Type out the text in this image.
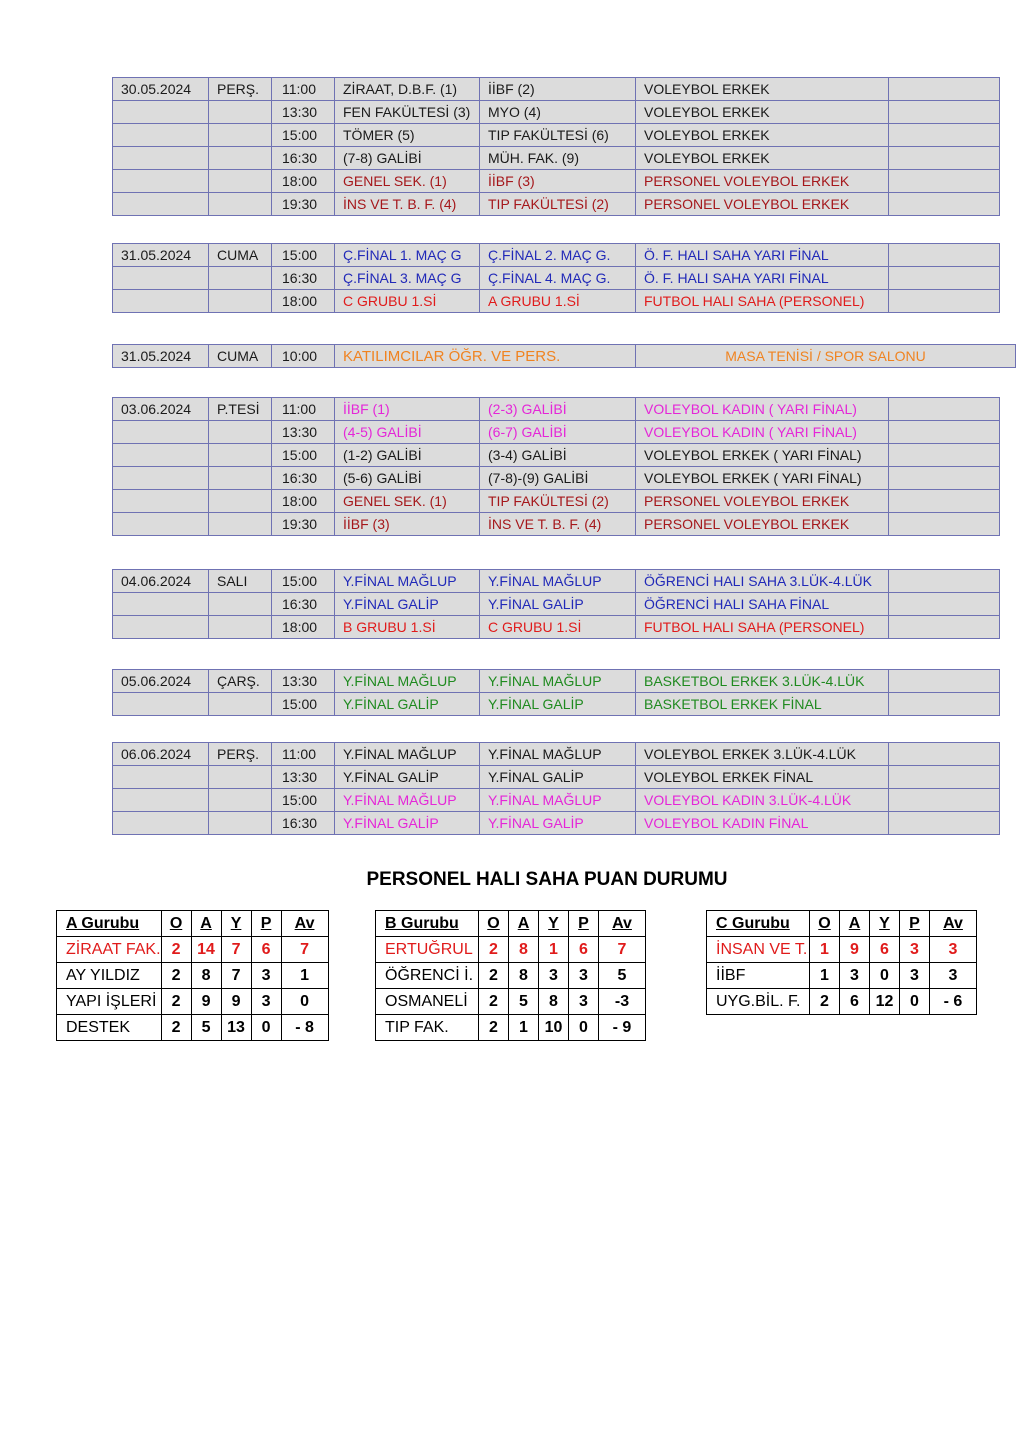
30.05.2024	PERŞ.	11:00	ZİRAAT, D.B.F. (1)	İİBF (2)	VOLEYBOL ERKEK	
		13:30	FEN FAKÜLTESİ (3)	MYO (4)	VOLEYBOL ERKEK	
		15:00	TÖMER (5)	TIP FAKÜLTESİ (6)	VOLEYBOL ERKEK	
		16:30	(7-8) GALİBİ	MÜH. FAK. (9)	VOLEYBOL ERKEK	
		18:00	GENEL SEK. (1)	İİBF (3)	PERSONEL VOLEYBOL ERKEK	
		19:30	İNS VE T. B. F. (4)	TIP FAKÜLTESİ (2)	PERSONEL VOLEYBOL ERKEK	
31.05.2024	CUMA	15:00	Ç.FİNAL 1. MAÇ G	Ç.FİNAL 2. MAÇ G.	Ö. F. HALI SAHA YARI FİNAL	
		16:30	Ç.FİNAL 3. MAÇ G	Ç.FİNAL 4. MAÇ G.	Ö. F. HALI SAHA YARI FİNAL	
		18:00	C GRUBU 1.Sİ	A GRUBU 1.Sİ	FUTBOL HALI SAHA (PERSONEL)	
31.05.2024	CUMA	10:00	KATILIMCILAR ÖĞR. VE PERS.	MASA TENİSİ / SPOR SALONU
03.06.2024	P.TESİ	11:00	İİBF (1)	(2-3) GALİBİ	VOLEYBOL KADIN ( YARI FİNAL)	
		13:30	(4-5) GALİBİ	(6-7) GALİBİ	VOLEYBOL KADIN ( YARI FİNAL)	
		15:00	(1-2) GALİBİ	(3-4) GALİBİ	VOLEYBOL ERKEK ( YARI FİNAL)	
		16:30	(5-6) GALİBİ	(7-8)-(9) GALİBİ	VOLEYBOL ERKEK ( YARI FİNAL)	
		18:00	GENEL SEK. (1)	TIP FAKÜLTESİ (2)	PERSONEL VOLEYBOL ERKEK	
		19:30	İİBF (3)	İNS VE T. B. F. (4)	PERSONEL VOLEYBOL ERKEK	
04.06.2024	SALI	15:00	Y.FİNAL MAĞLUP	Y.FİNAL MAĞLUP	ÖĞRENCİ HALI SAHA 3.LÜK-4.LÜK	
		16:30	Y.FİNAL GALİP	Y.FİNAL GALİP	ÖĞRENCİ HALI SAHA FİNAL	
		18:00	B GRUBU 1.Sİ	C GRUBU 1.Sİ	FUTBOL HALI SAHA (PERSONEL)	
05.06.2024	ÇARŞ.	13:30	Y.FİNAL MAĞLUP	Y.FİNAL MAĞLUP	BASKETBOL ERKEK 3.LÜK-4.LÜK	
		15:00	Y.FİNAL GALİP	Y.FİNAL GALİP	BASKETBOL ERKEK FİNAL	
06.06.2024	PERŞ.	11:00	Y.FİNAL MAĞLUP	Y.FİNAL MAĞLUP	VOLEYBOL ERKEK 3.LÜK-4.LÜK	
		13:30	Y.FİNAL GALİP	Y.FİNAL GALİP	VOLEYBOL ERKEK FİNAL	
		15:00	Y.FİNAL MAĞLUP	Y.FİNAL MAĞLUP	VOLEYBOL KADIN 3.LÜK-4.LÜK	
		16:30	Y.FİNAL GALİP	Y.FİNAL GALİP	VOLEYBOL KADIN FİNAL	
PERSONEL HALI SAHA PUAN DURUMU
A Gurubu	O	A	Y	P	Av
ZİRAAT FAK.	2	14	7	6	7
AY YILDIZ	2	8	7	3	1
YAPI İŞLERİ	2	9	9	3	0
DESTEK	2	5	13	0	- 8
B Gurubu	O	A	Y	P	Av
ERTUĞRUL	2	8	1	6	7
ÖĞRENCİ İ.	2	8	3	3	5
OSMANELİ	2	5	8	3	-3
TIP FAK.	2	1	10	0	- 9
C Gurubu	O	A	Y	P	Av
İNSAN VE T.	1	9	6	3	3
İİBF	1	3	0	3	3
UYG.BİL. F.	2	6	12	0	- 6
